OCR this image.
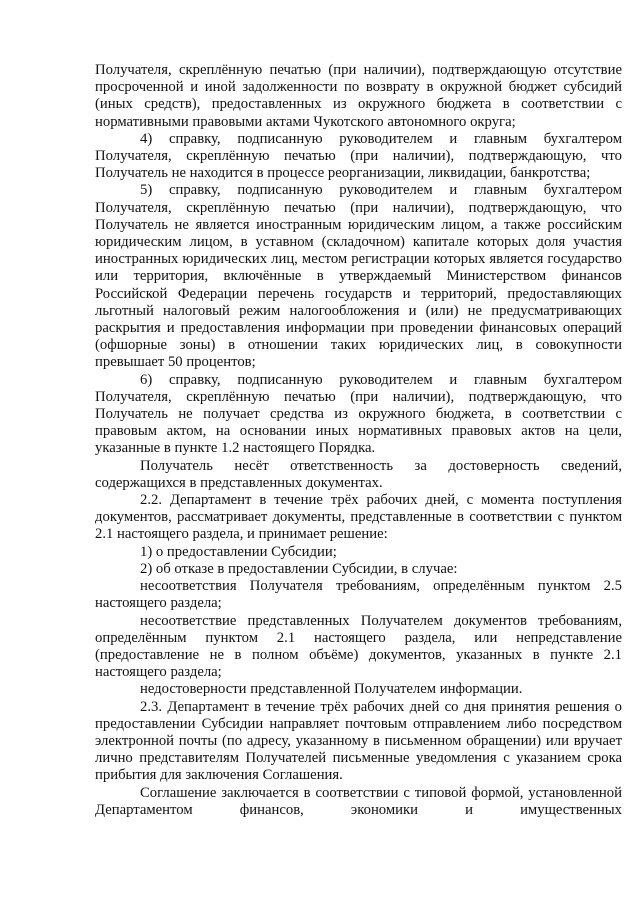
Получателя, скреплённую печатью (при наличии), подтверждающую отсутствие просроченной и иной задолженности по возврату в окружной бюджет субсидий (иных средств), предоставленных из окружного бюджета в соответствии с нормативными правовыми актами Чукотского автономного округа;

4) справку, подписанную руководителем и главным бухгалтером Получателя, скреплённую печатью (при наличии), подтверждающую, что Получатель не находится в процессе реорганизации, ликвидации, банкротства;

5) справку, подписанную руководителем и главным бухгалтером Получателя, скреплённую печатью (при наличии), подтверждающую, что Получатель не является иностранным юридическим лицом, а также российским юридическим лицом, в уставном (складочном) капитале которых доля участия иностранных юридических лиц, местом регистрации которых является государство или территория, включённые в утверждаемый Министерством финансов Российской Федерации перечень государств и территорий, предоставляющих льготный налоговый режим налогообложения и (или) не предусматривающих раскрытия и предоставления информации при проведении финансовых операций (офшорные зоны) в отношении таких юридических лиц, в совокупности превышает 50 процентов;

6) справку, подписанную руководителем и главным бухгалтером Получателя, скреплённую печатью (при наличии), подтверждающую, что Получатель не получает средства из окружного бюджета, в соответствии с правовым актом, на основании иных нормативных правовых актов на цели, указанные в пункте 1.2 настоящего Порядка.

Получатель несёт ответственность за достоверность сведений, содержащихся в представленных документах.

2.2. Департамент в течение трёх рабочих дней, с момента поступления документов, рассматривает документы, представленные в соответствии с пунктом 2.1 настоящего раздела, и принимает решение:

1) о предоставлении Субсидии;

2) об отказе в предоставлении Субсидии, в случае:

несоответствия Получателя требованиям, определённым пунктом 2.5 настоящего раздела;

несоответствие представленных Получателем документов требованиям, определённым пунктом 2.1 настоящего раздела, или непредставление (предоставление не в полном объёме) документов, указанных в пункте 2.1 настоящего раздела;

недостоверности представленной Получателем информации.

2.3. Департамент в течение трёх рабочих дней со дня принятия решения о предоставлении Субсидии направляет почтовым отправлением либо посредством электронной почты (по адресу, указанному в письменном обращении) или вручает лично представителям Получателей письменные уведомления с указанием срока прибытия для заключения Соглашения.

Соглашение заключается в соответствии с типовой формой, установленной Департаментом финансов, экономики и имущественных
